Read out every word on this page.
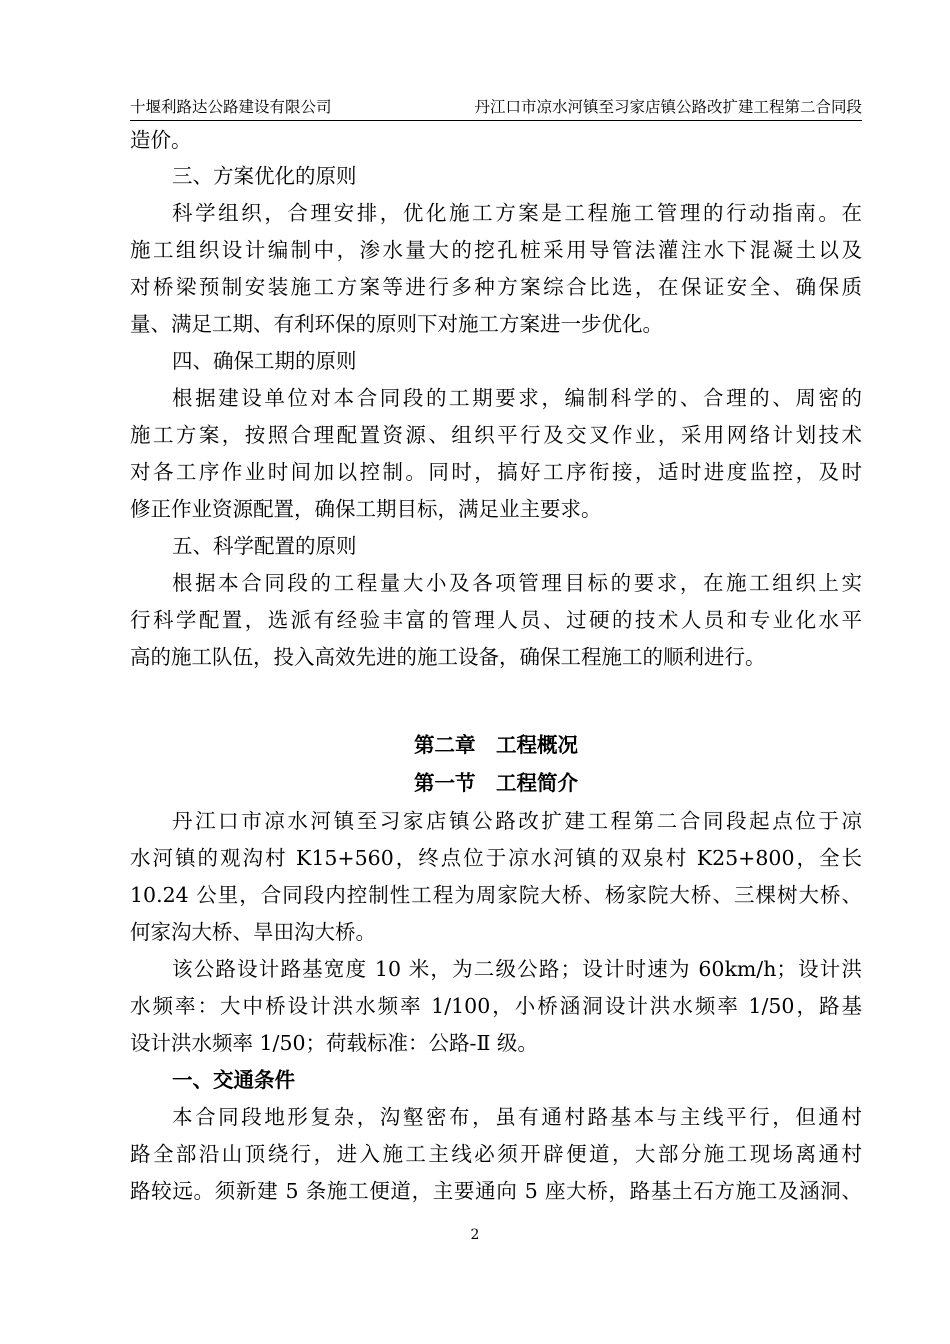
十堰利路达公路建设有限公司	丹江口市凉水河镇至习家店镇公路改扩建工程第二合同段
造价。
三、方案优化的原则
科学组织，合理安排，优化施工方案是工程施工管理的行动指南。在
施工组织设计编制中，渗水量大的挖孔桩采用导管法灌注水下混凝土以及
对桥梁预制安装施工方案等进行多种方案综合比选，在保证安全、确保质
量、满足工期、有利环保的原则下对施工方案进一步优化。
四、确保工期的原则
根据建设单位对本合同段的工期要求，编制科学的、合理的、周密的
施工方案，按照合理配置资源、组织平行及交叉作业，采用网络计划技术
对各工序作业时间加以控制。同时，搞好工序衔接，适时进度监控，及时
修正作业资源配置，确保工期目标，满足业主要求。
五、科学配置的原则
根据本合同段的工程量大小及各项管理目标的要求，在施工组织上实
行科学配置，选派有经验丰富的管理人员、过硬的技术人员和专业化水平
高的施工队伍，投入高效先进的施工设备，确保工程施工的顺利进行。
第二章　工程概况
第一节　工程简介
丹江口市凉水河镇至习家店镇公路改扩建工程第二合同段起点位于凉
水河镇的观沟村 K15+560，终点位于凉水河镇的双泉村 K25+800，全长
10.24 公里，合同段内控制性工程为周家院大桥、杨家院大桥、三棵树大桥、
何家沟大桥、旱田沟大桥。
该公路设计路基宽度 10 米，为二级公路；设计时速为 60km/h；设计洪
水频率：大中桥设计洪水频率 1/100，小桥涵洞设计洪水频率 1/50，路基
设计洪水频率 1/50；荷载标准：公路-Ⅱ 级。
一、交通条件
本合同段地形复杂，沟壑密布，虽有通村路基本与主线平行，但通村
路全部沿山顶绕行，进入施工主线必须开辟便道，大部分施工现场离通村
路较远。须新建 5 条施工便道，主要通向 5 座大桥，路基土石方施工及涵洞、
2
